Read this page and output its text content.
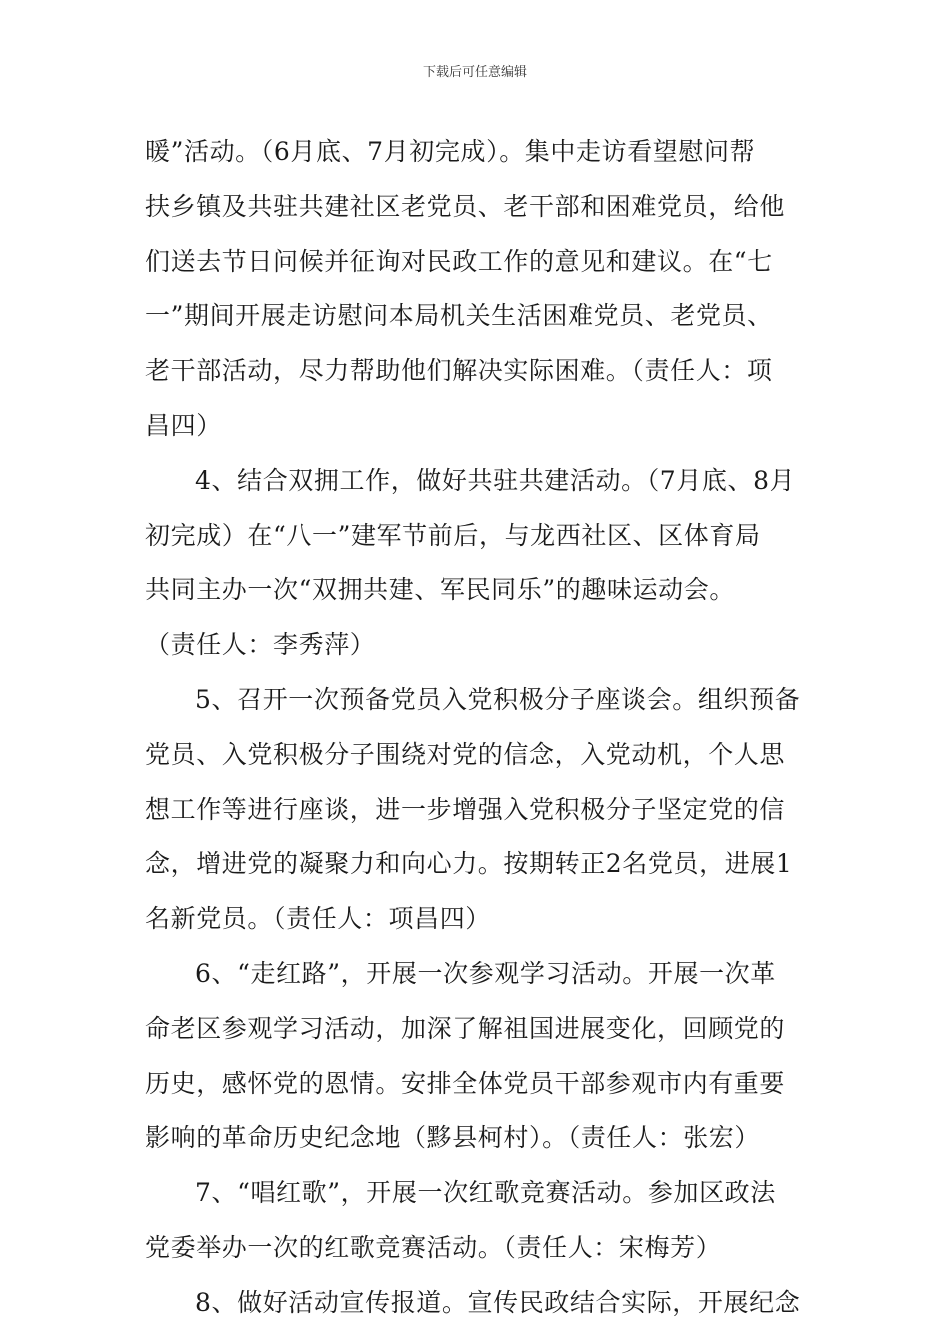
下载后可任意编辑
暖”活动。（6月底、7月初完成）。集中走访看望慰问帮
扶乡镇及共驻共建社区老党员、老干部和困难党员，给他
们送去节日问候并征询对民政工作的意见和建议。在“七
一”期间开展走访慰问本局机关生活困难党员、老党员、
老干部活动，尽力帮助他们解决实际困难。（责任人：项
昌四）
4、结合双拥工作，做好共驻共建活动。（7月底、8月
初完成）在“八一”建军节前后，与龙西社区、区体育局
共同主办一次“双拥共建、军民同乐”的趣味运动会。
（责任人：李秀萍）
5、召开一次预备党员入党积极分子座谈会。组织预备
党员、入党积极分子围绕对党的信念，入党动机，个人思
想工作等进行座谈，进一步增强入党积极分子坚定党的信
念，增进党的凝聚力和向心力。按期转正2名党员，进展1
名新党员。（责任人：项昌四）
6、“走红路”，开展一次参观学习活动。开展一次革
命老区参观学习活动，加深了解祖国进展变化，回顾党的
历史，感怀党的恩情。安排全体党员干部参观市内有重要
影响的革命历史纪念地（黟县柯村）。（责任人：张宏）
7、“唱红歌”，开展一次红歌竞赛活动。参加区政法
党委举办一次的红歌竞赛活动。（责任人：宋梅芳）
8、做好活动宣传报道。宣传民政结合实际，开展纪念
